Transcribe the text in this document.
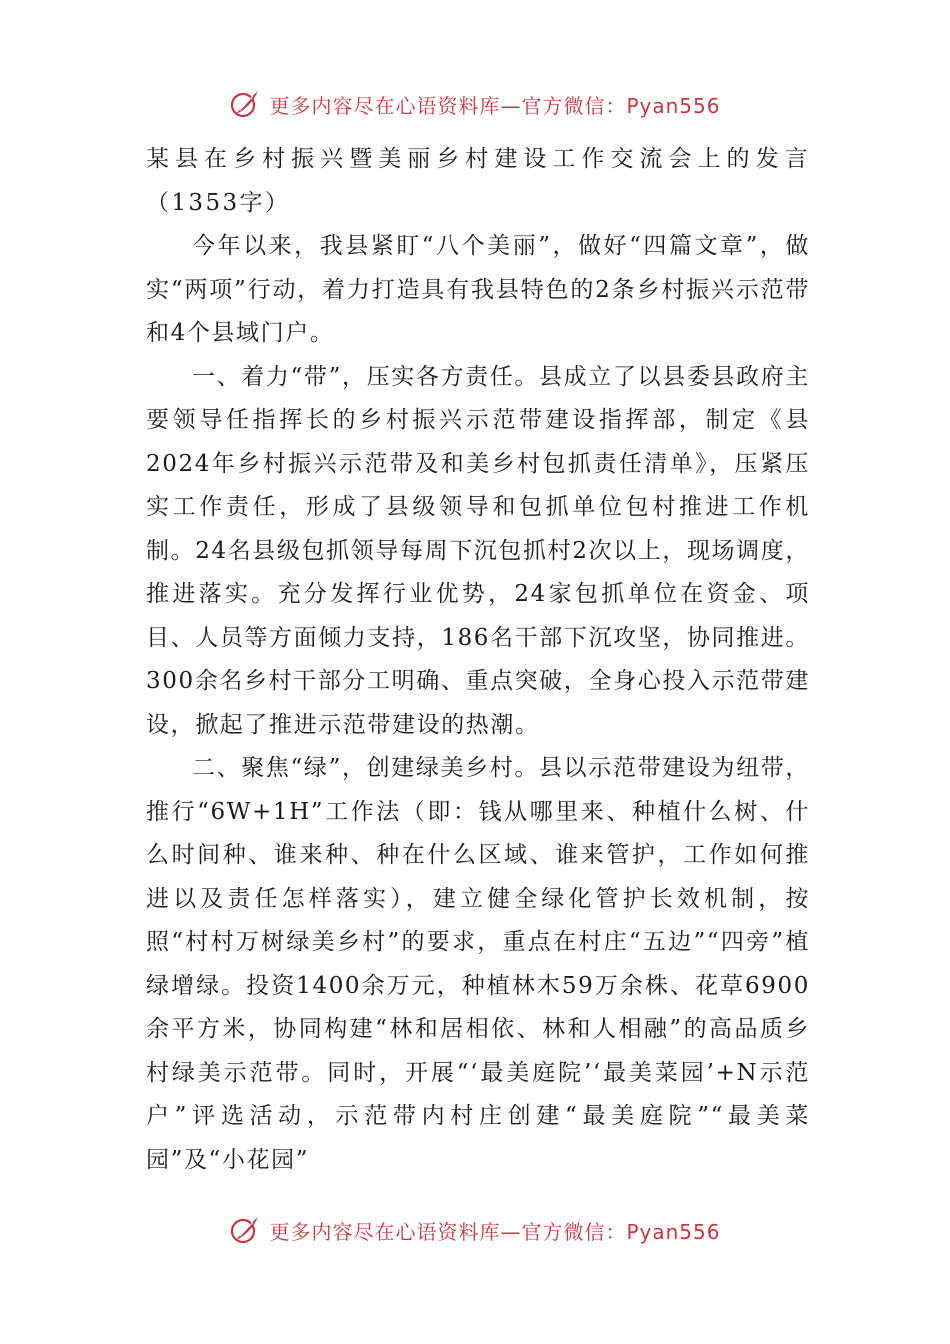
更多内容尽在心语资料库—官方微信：Pyan556

某县在乡村振兴暨美丽乡村建设工作交流会上的发言（1353字）

今年以来，我县紧盯“八个美丽”，做好“四篇文章”，做实“两项”行动，着力打造具有我县特色的2条乡村振兴示范带和4个县域门户。

一、着力“带”，压实各方责任。县成立了以县委县政府主要领导任指挥长的乡村振兴示范带建设指挥部，制定《县2024年乡村振兴示范带及和美乡村包抓责任清单》，压紧压实工作责任，形成了县级领导和包抓单位包村推进工作机制。24名县级包抓领导每周下沉包抓村2次以上，现场调度，推进落实。充分发挥行业优势，24家包抓单位在资金、项目、人员等方面倾力支持，186名干部下沉攻坚，协同推进。300余名乡村干部分工明确、重点突破，全身心投入示范带建设，掀起了推进示范带建设的热潮。

二、聚焦“绿”，创建绿美乡村。县以示范带建设为纽带，推行“6W+1H”工作法（即：钱从哪里来、种植什么树、什么时间种、谁来种、种在什么区域、谁来管护，工作如何推进以及责任怎样落实），建立健全绿化管护长效机制，按照“村村万树绿美乡村”的要求，重点在村庄“五边”“四旁”植绿增绿。投资1400余万元，种植林木59万余株、花草6900余平方米，协同构建“林和居相依、林和人相融”的高品质乡村绿美示范带。同时，开展“‘最美庭院’‘最美菜园’+N示范户”评选活动，示范带内村庄创建“最美庭院”“最美菜园”及“小花园”

更多内容尽在心语资料库—官方微信：Pyan556
